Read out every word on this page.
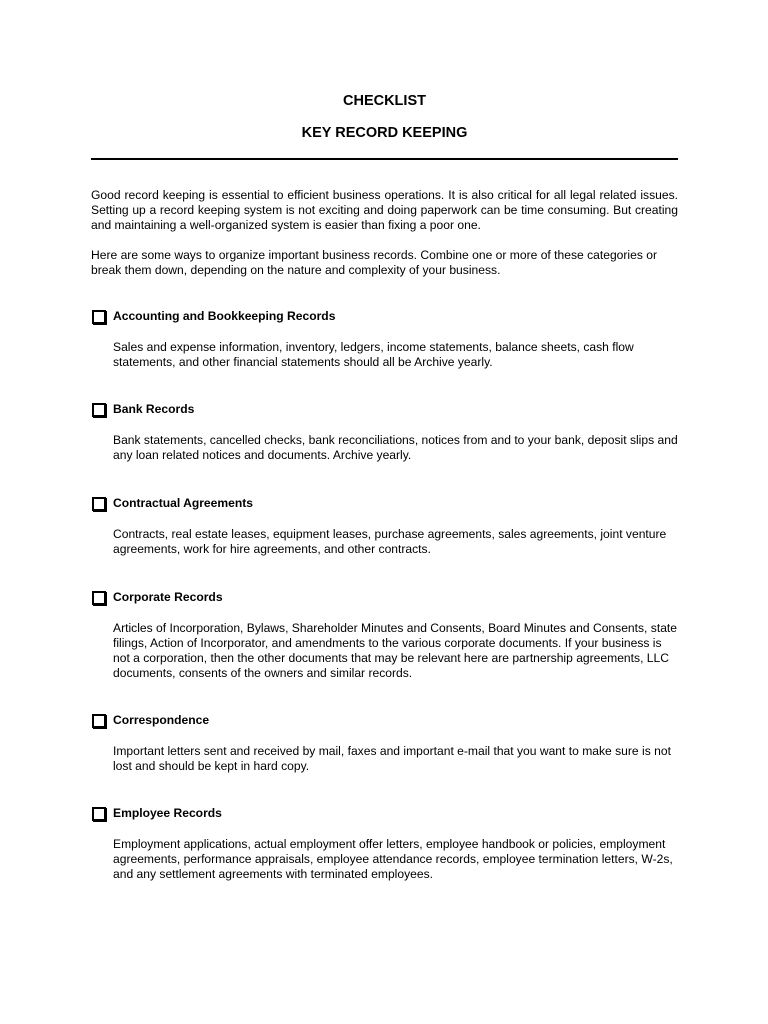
CHECKLIST
KEY RECORD KEEPING

Good record keeping is essential to efficient business operations. It is also critical for all legal related issues. Setting up a record keeping system is not exciting and doing paperwork can be time consuming. But creating and maintaining a well-organized system is easier than fixing a poor one.

Here are some ways to organize important business records. Combine one or more of these categories or break them down, depending on the nature and complexity of your business.

Accounting and Bookkeeping Records
Sales and expense information, inventory, ledgers, income statements, balance sheets, cash flow statements, and other financial statements should all be Archive yearly.
Bank Records
Bank statements, cancelled checks, bank reconciliations, notices from and to your bank, deposit slips and any loan related notices and documents. Archive yearly.
Contractual Agreements
Contracts, real estate leases, equipment leases, purchase agreements, sales agreements, joint venture agreements, work for hire agreements, and other contracts.
Corporate Records
Articles of Incorporation, Bylaws, Shareholder Minutes and Consents, Board Minutes and Consents, state filings, Action of Incorporator, and amendments to the various corporate documents. If your business is not a corporation, then the other documents that may be relevant here are partnership agreements, LLC documents, consents of the owners and similar records.
Correspondence
Important letters sent and received by mail, faxes and important e-mail that you want to make sure is not lost and should be kept in hard copy.
Employee Records
Employment applications, actual employment offer letters, employee handbook or policies, employment agreements, performance appraisals, employee attendance records, employee termination letters, W-2s, and any settlement agreements with terminated employees.
